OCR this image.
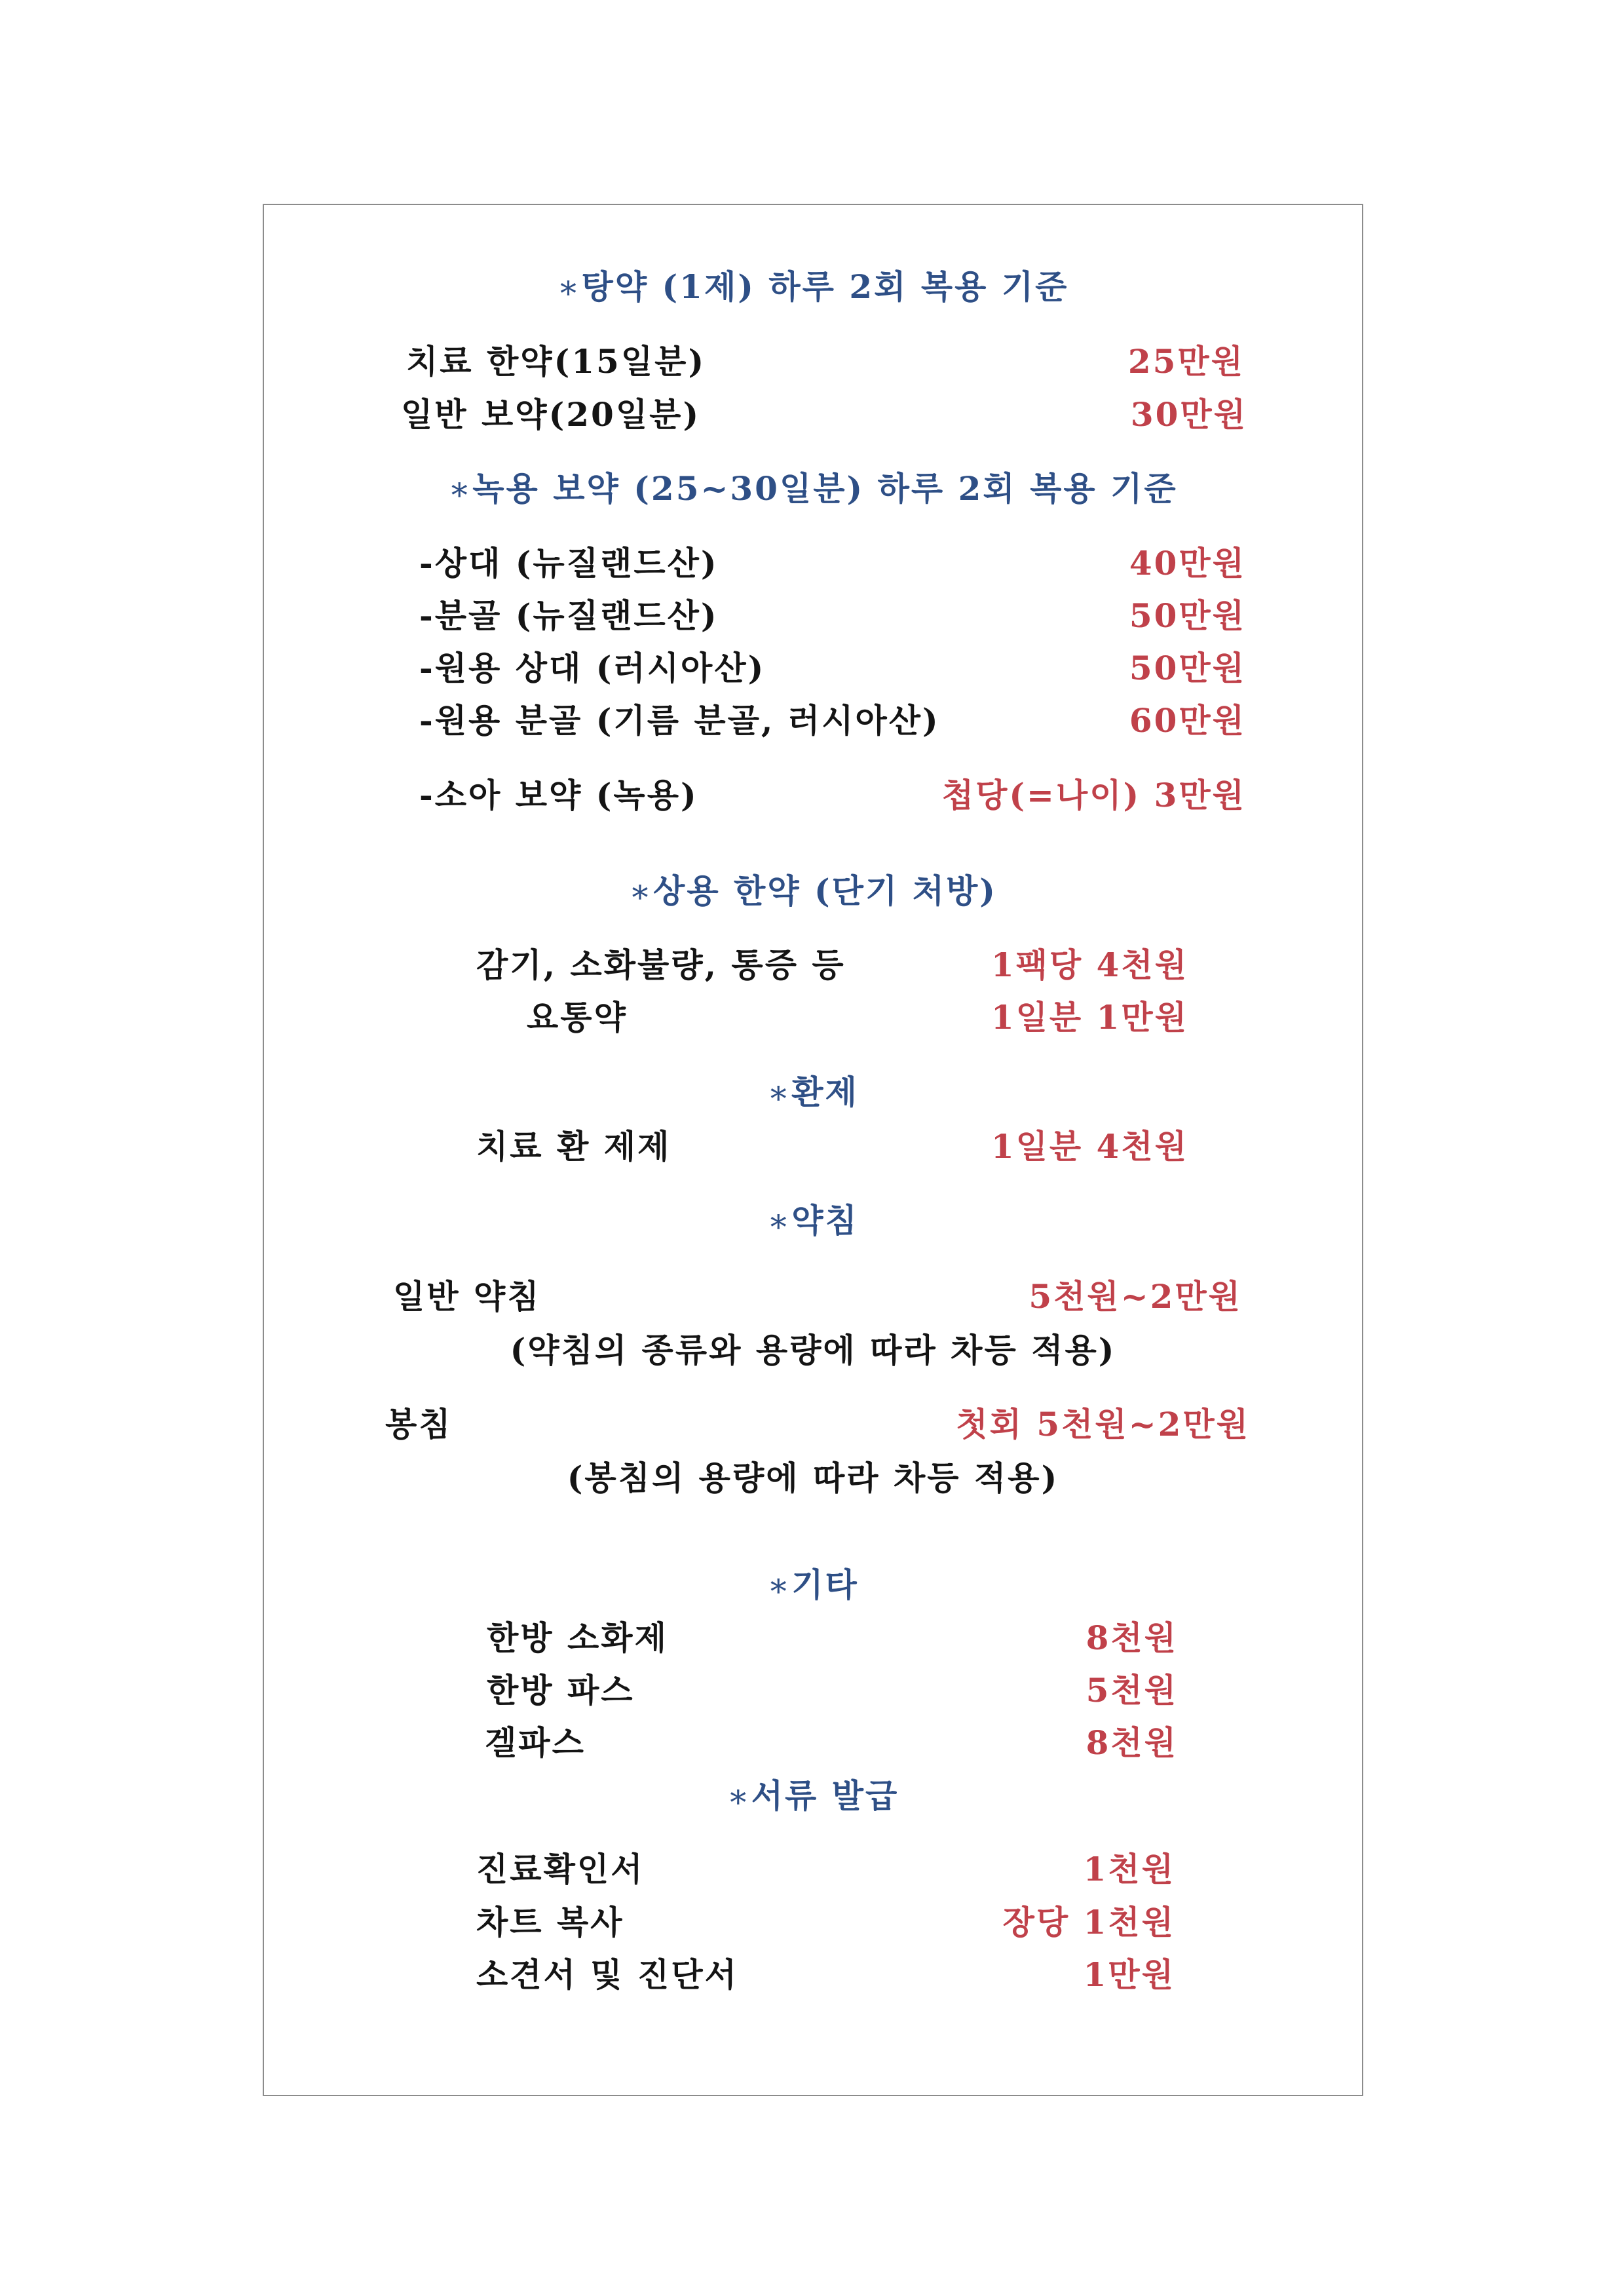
∗탕약 (1제) 하루 2회 복용 기준
치료 한약(15일분)	25만원
일반 보약(20일분)	30만원
∗녹용 보약 (25~30일분) 하루 2회 복용 기준
-상대 (뉴질랜드산)	40만원
-분골 (뉴질랜드산)	50만원
-원용 상대 (러시아산)	50만원
-원용 분골 (기름 분골, 러시아산)	60만원
-소아 보약 (녹용)	첩당(=나이) 3만원
∗상용 한약 (단기 처방)
감기, 소화불량, 통증 등	1팩당 4천원
요통약	1일분 1만원
∗환제
치료 환 제제	1일분 4천원
∗약침
일반 약침	5천원~2만원
(약침의 종류와 용량에 따라 차등 적용)
봉침	첫회 5천원~2만원
(봉침의 용량에 따라 차등 적용)
∗기타
한방 소화제	8천원
한방 파스	5천원
겔파스	8천원
∗서류 발급
진료확인서	1천원
차트 복사	장당 1천원
소견서 및 진단서	1만원
